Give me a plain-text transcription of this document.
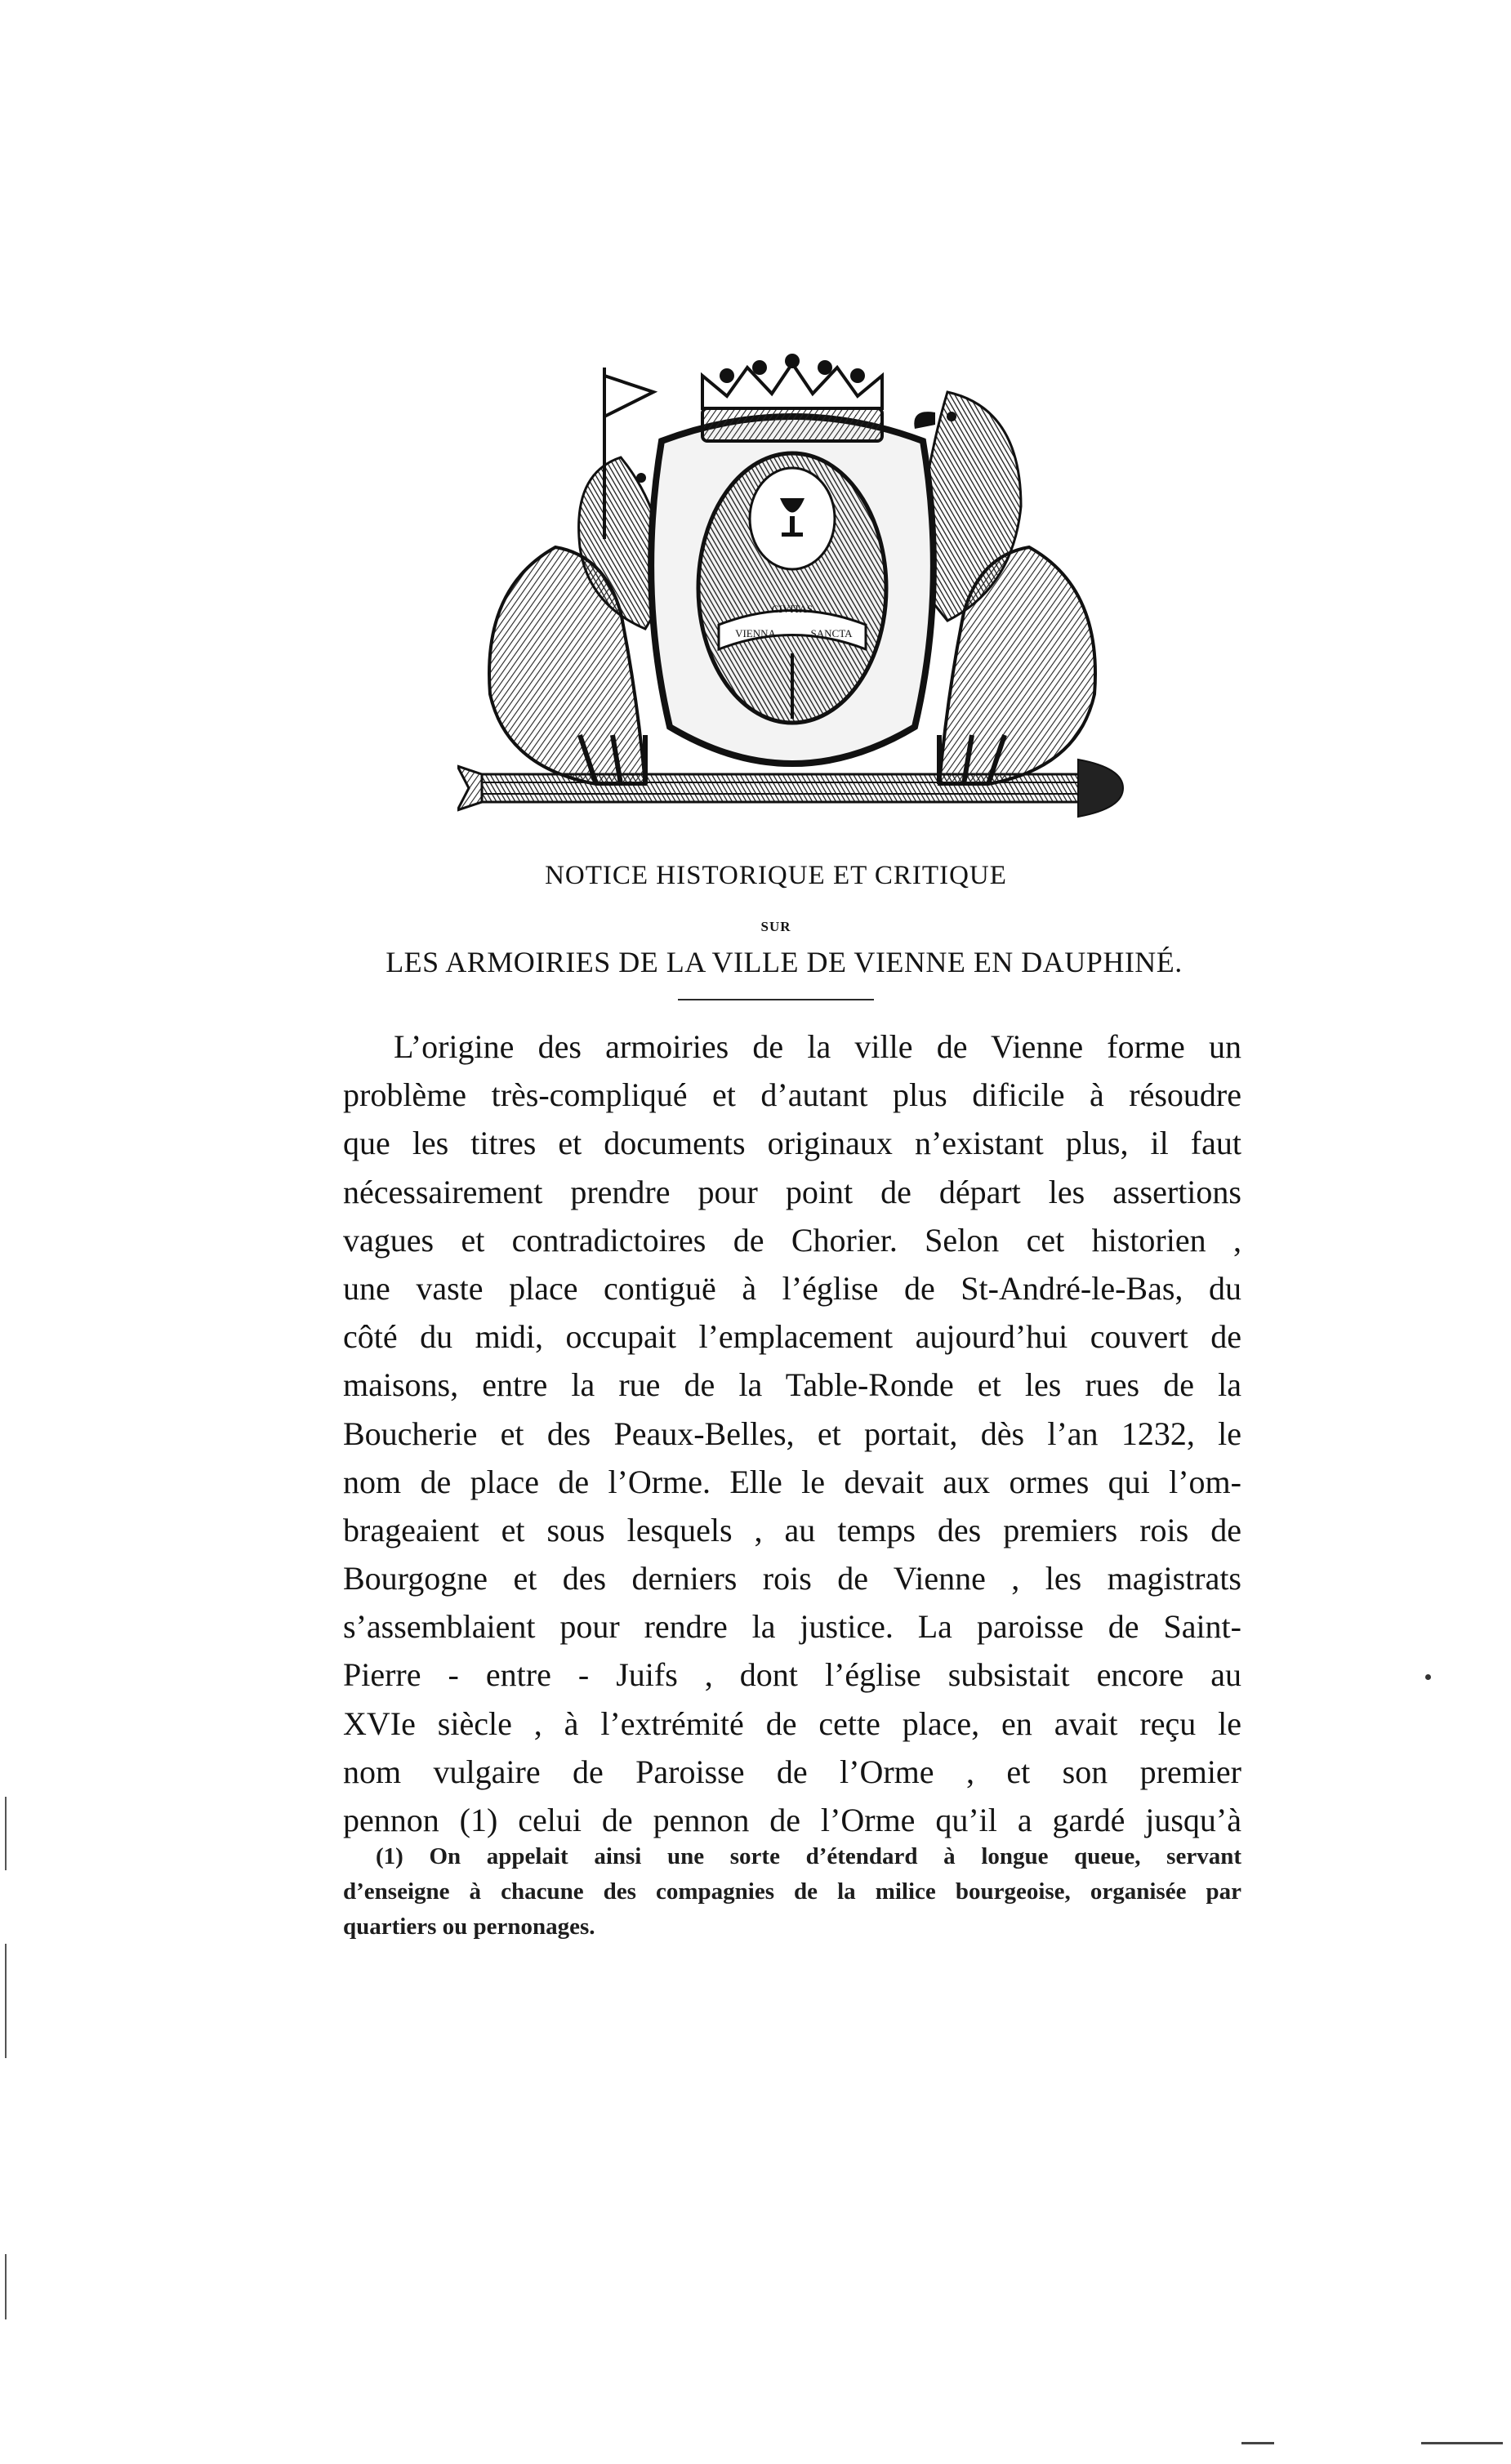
CIVITAS
VIENNA	SANCTA
NOTICE HISTORIQUE ET CRITIQUE
SUR
LES ARMOIRIES DE LA VILLE DE VIENNE EN DAUPHINÉ.
L’origine des armoiries de la ville de Vienne forme un
problème très-compliqué et d’autant plus dificile à résoudre
que les titres et documents originaux n’existant plus, il faut
nécessairement prendre pour point de départ les assertions
vagues et contradictoires de Chorier. Selon cet historien ,
une vaste place contiguë à l’église de St-André-le-Bas, du
côté du midi, occupait l’emplacement aujourd’hui couvert de
maisons, entre la rue de la Table-Ronde et les rues de la
Boucherie et des Peaux-Belles, et portait, dès l’an 1232, le
nom de place de l’Orme. Elle le devait aux ormes qui l’om-
brageaient et sous lesquels , au temps des premiers rois de
Bourgogne et des derniers rois de Vienne , les magistrats
s’assemblaient pour rendre la justice. La paroisse de Saint-
Pierre - entre - Juifs , dont l’église subsistait encore au
XVIe siècle , à l’extrémité de cette place, en avait reçu le
nom vulgaire de Paroisse de l’Orme , et son premier
pennon (1) celui de pennon de l’Orme qu’il a gardé jusqu’à
(1) On appelait ainsi une sorte d’étendard à longue queue, servant
d’enseigne à chacune des compagnies de la milice bourgeoise, organisée par
quartiers ou pernonages.
